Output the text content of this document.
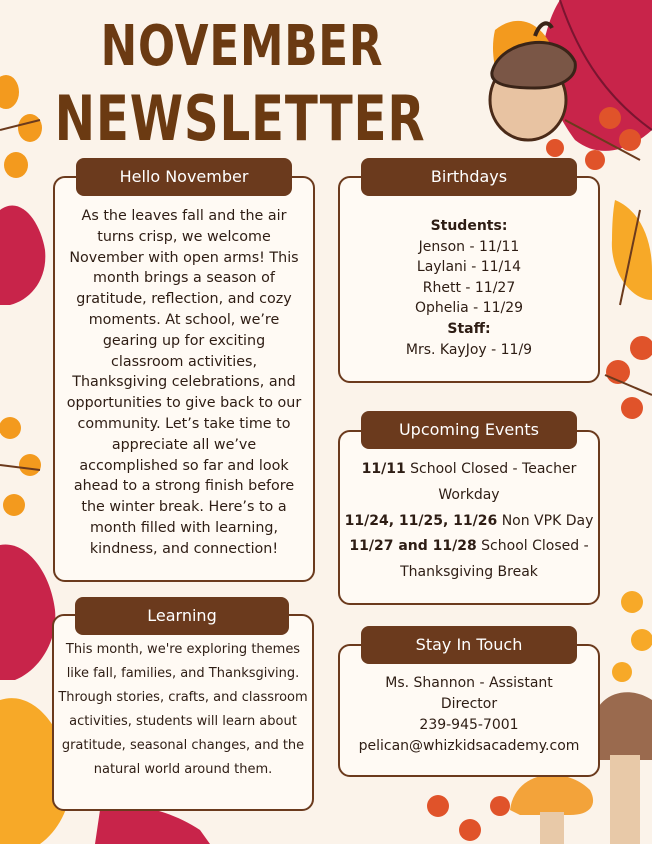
NOVEMBER
NEWSLETTER
Hello November
As the leaves fall and the air turns crisp, we welcome November with open arms! This month brings a season of gratitude, reflection, and cozy moments. At school, we’re gearing up for exciting classroom activities, Thanksgiving celebrations, and opportunities to give back to our community. Let’s take time to appreciate all we’ve accomplished so far and look ahead to a strong finish before the winter break. Here’s to a month filled with learning, kindness, and connection!
Learning
This month, we're exploring themes like fall, families, and Thanksgiving. Through stories, crafts, and classroom activities, students will learn about gratitude, seasonal changes, and the natural world around them.
Birthdays
Students:
Jenson - 11/11
Laylani - 11/14
Rhett - 11/27
Ophelia - 11/29
Staff:
Mrs. KayJoy - 11/9
Upcoming Events
11/11 School Closed - Teacher Workday
11/24, 11/25, 11/26 Non VPK Day
11/27 and 11/28 School Closed - Thanksgiving Break
Stay In Touch
Ms. Shannon - Assistant
Director
239-945-7001
pelican@whizkidsacademy.com
